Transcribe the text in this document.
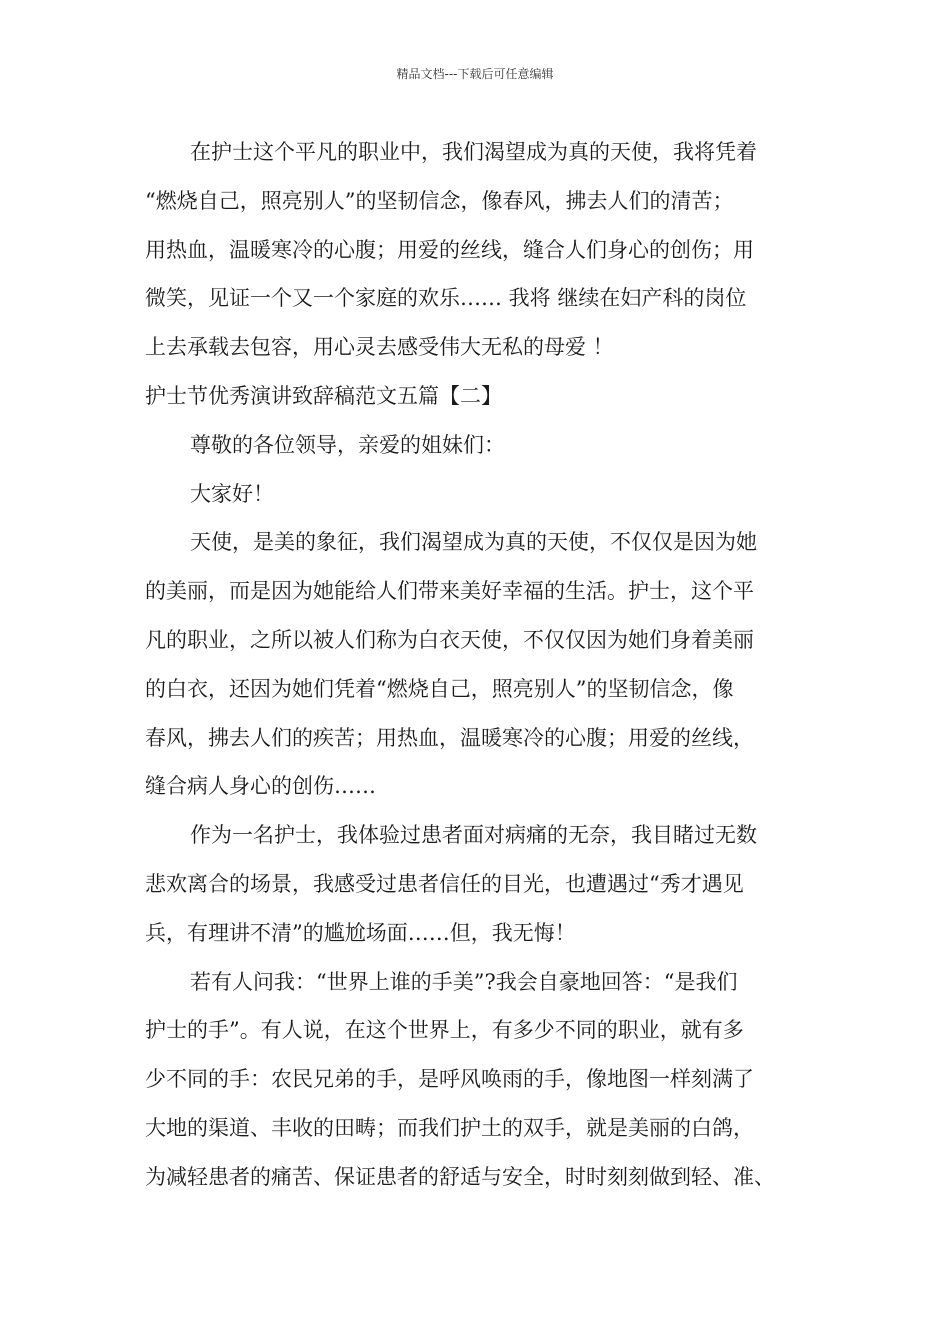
精品文档---下载后可任意编辑
在护士这个平凡的职业中，我们渴望成为真的天使，我将凭着
“燃烧自己，照亮别人”的坚韧信念，像春风，拂去人们的清苦；
用热血，温暖寒冷的心腹；用爱的丝线，缝合人们身心的创伤；用
微笑，见证一个又一个家庭的欢乐…… 我将 继续在妇产科的岗位
上去承载去包容，用心灵去感受伟大无私的母爱 ！
护士节优秀演讲致辞稿范文五篇【二】
尊敬的各位领导，亲爱的姐妹们：
大家好！
天使，是美的象征，我们渴望成为真的天使，不仅仅是因为她
的美丽，而是因为她能给人们带来美好幸福的生活。护士，这个平
凡的职业，之所以被人们称为白衣天使，不仅仅因为她们身着美丽
的白衣，还因为她们凭着“燃烧自己，照亮别人”的坚韧信念，像
春风，拂去人们的疾苦；用热血，温暖寒冷的心腹；用爱的丝线，
缝合病人身心的创伤……
作为一名护士，我体验过患者面对病痛的无奈，我目睹过无数
悲欢离合的场景，我感受过患者信任的目光，也遭遇过“秀才遇见
兵，有理讲不清”的尴尬场面……但，我无悔！
若有人问我：“世界上谁的手美”?我会自豪地回答：“是我们
护士的手”。有人说，在这个世界上，有多少不同的职业，就有多
少不同的手：农民兄弟的手，是呼风唤雨的手，像地图一样刻满了
大地的渠道、丰收的田畴；而我们护土的双手，就是美丽的白鸽，
为减轻患者的痛苦、保证患者的舒适与安全，时时刻刻做到轻、准、
